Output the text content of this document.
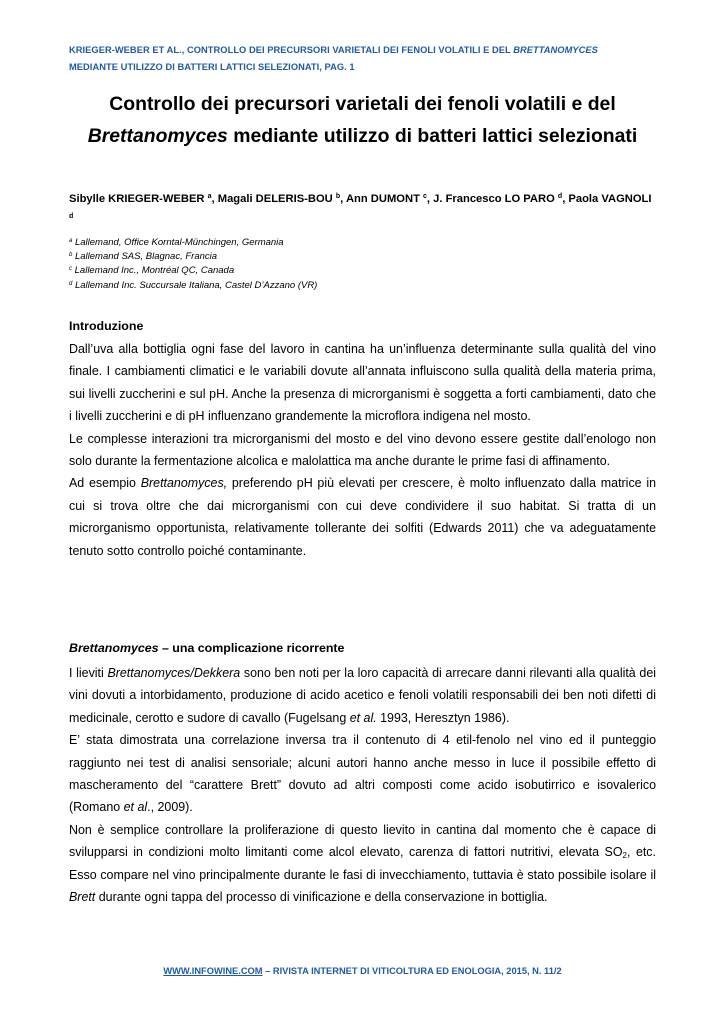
KRIEGER-WEBER ET AL., CONTROLLO DEI PRECURSORI VARIETALI DEI FENOLI VOLATILI E DEL BRETTANOMYCES
MEDIANTE UTILIZZO DI BATTERI LATTICI SELEZIONATI, PAG. 1
Controllo dei precursori varietali dei fenoli volatili e del
Brettanomyces mediante utilizzo di batteri lattici selezionati
Sibylle KRIEGER-WEBER $^a$, Magali DELERIS-BOU $^b$, Ann DUMONT $^c$, J. Francesco LO PARO $^d$, Paola VAGNOLI $^d$
$^a$ Lallemand, Office Korntal-Münchingen, Germania
$^b$ Lallemand SAS, Blagnac, Francia
$^c$ Lallemand Inc., Montréal QC, Canada
$^d$ Lallemand Inc. Succursale Italiana, Castel D’Azzano (VR)
Introduzione

Dall’uva alla bottiglia ogni fase del lavoro in cantina ha un’influenza determinante sulla qualità del vino finale. I cambiamenti climatici e le variabili dovute all’annata influiscono sulla qualità della materia prima, sui livelli zuccherini e sul pH. Anche la presenza di microrganismi è soggetta a forti cambiamenti, dato che i livelli zuccherini e di pH influenzano grandemente la microflora indigena nel mosto.

Le complesse interazioni tra microrganismi del mosto e del vino devono essere gestite dall’enologo non solo durante la fermentazione alcolica e malolattica ma anche durante le prime fasi di affinamento.

Ad esempio Brettanomyces, preferendo pH più elevati per crescere, è molto influenzato dalla matrice in cui si trova oltre che dai microrganismi con cui deve condividere il suo habitat. Si tratta di un microrganismo opportunista, relativamente tollerante dei solfiti (Edwards 2011) che va adeguatamente tenuto sotto controllo poiché contaminante.

Brettanomyces – una complicazione ricorrente

I lieviti Brettanomyces/Dekkera sono ben noti per la loro capacità di arrecare danni rilevanti alla qualità dei vini dovuti a intorbidamento, produzione di acido acetico e fenoli volatili responsabili dei ben noti difetti di medicinale, cerotto e sudore di cavallo (Fugelsang et al. 1993, Heresztyn 1986).

E’ stata dimostrata una correlazione inversa tra il contenuto di 4 etil-fenolo nel vino ed il punteggio raggiunto nei test di analisi sensoriale; alcuni autori hanno anche messo in luce il possibile effetto di mascheramento del “carattere Brett” dovuto ad altri composti come acido isobutirrico e isovalerico (Romano et al., 2009).

Non è semplice controllare la proliferazione di questo lievito in cantina dal momento che è capace di svilupparsi in condizioni molto limitanti come alcol elevato, carenza di fattori nutritivi, elevata $SO_2$, etc. Esso compare nel vino principalmente durante le fasi di invecchiamento, tuttavia è stato possibile isolare il Brett durante ogni tappa del processo di vinificazione e della conservazione in bottiglia.

WWW.INFOWINE.COM – RIVISTA INTERNET DI VITICOLTURA ED ENOLOGIA, 2015, N. 11/2
